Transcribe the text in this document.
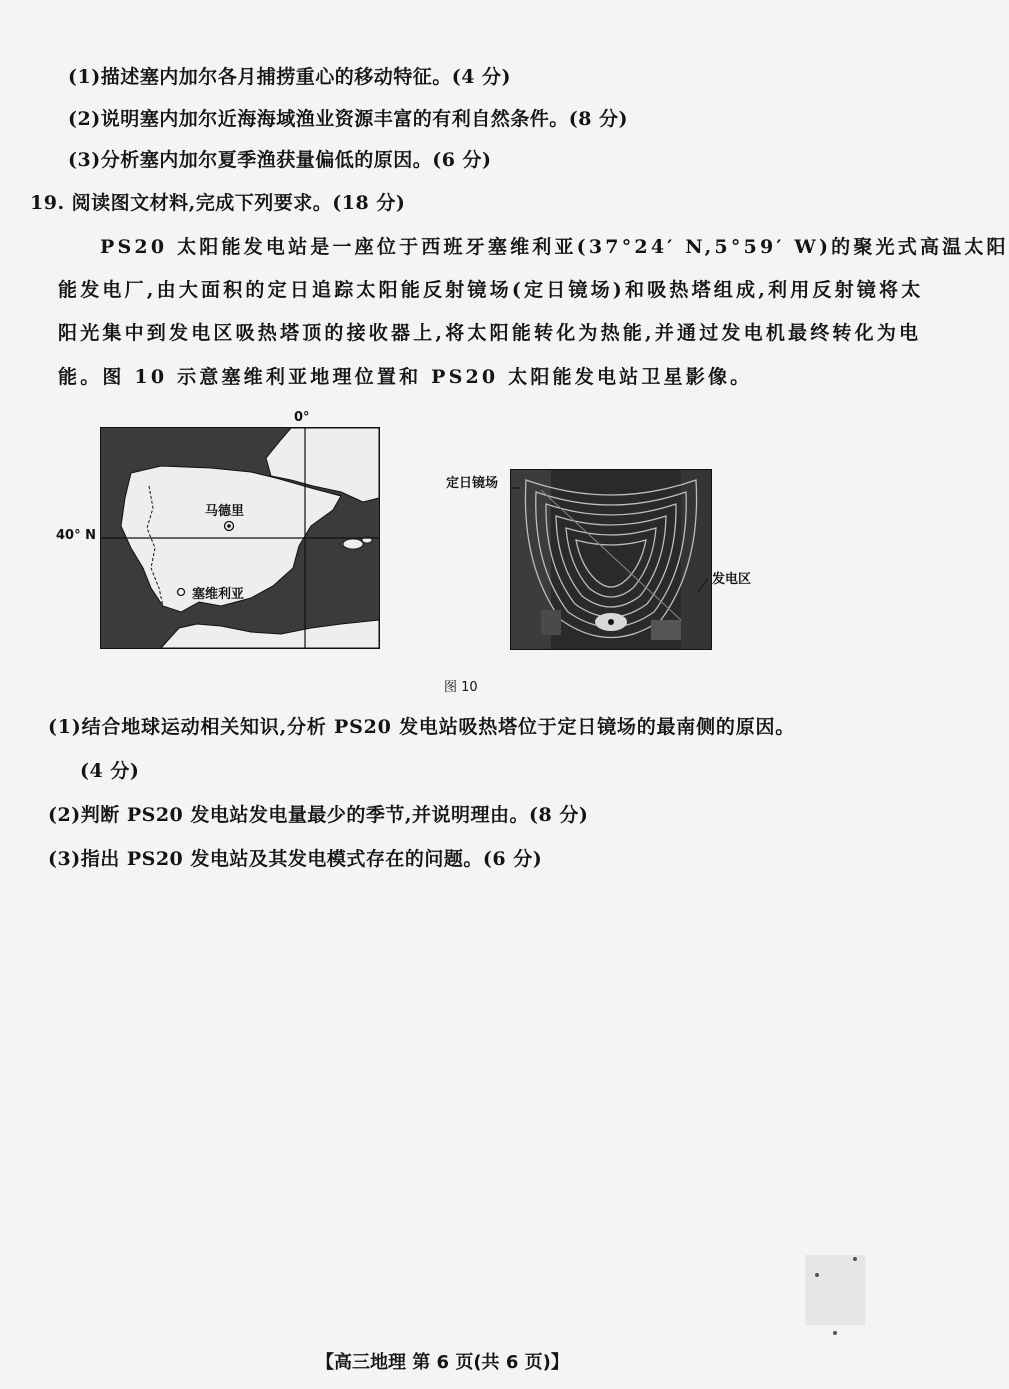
(1)描述塞内加尔各月捕捞重心的移动特征。(4 分)
(2)说明塞内加尔近海海域渔业资源丰富的有利自然条件。(8 分)
(3)分析塞内加尔夏季渔获量偏低的原因。(6 分)
19. 阅读图文材料,完成下列要求。(18 分)
PS20 太阳能发电站是一座位于西班牙塞维利亚(37°24′ N,5°59′ W)的聚光式高温太阳
能发电厂,由大面积的定日追踪太阳能反射镜场(定日镜场)和吸热塔组成,利用反射镜将太
阳光集中到发电区吸热塔顶的接收器上,将太阳能转化为热能,并通过发电机最终转化为电
能。图 10 示意塞维利亚地理位置和 PS20 太阳能发电站卫星影像。
0°
40° N
马德里
塞维利亚
定日镜场
发电区
图 10
(1)结合地球运动相关知识,分析 PS20 发电站吸热塔位于定日镜场的最南侧的原因。
(4 分)
(2)判断 PS20 发电站发电量最少的季节,并说明理由。(8 分)
(3)指出 PS20 发电站及其发电模式存在的问题。(6 分)
【高三地理 第 6 页(共 6 页)】
